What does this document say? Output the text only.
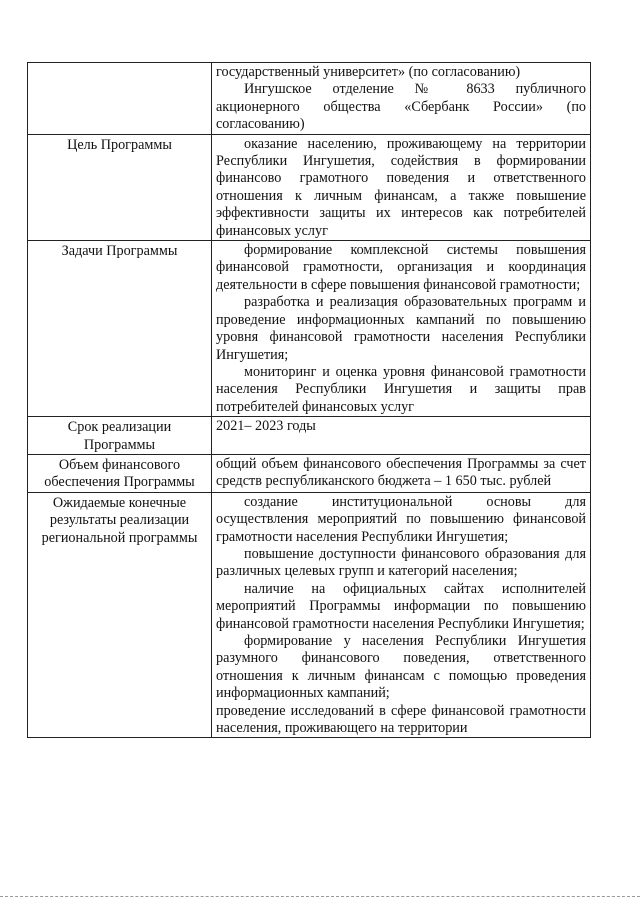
	государственный университет» (по согласованию)
Ингушское отделение № 8633 публичного акционерного общества «Сбербанк России» (по согласованию)

Цель Программы	оказание населению, проживающему на территории Республики Ингушетия, содействия в формировании финансово грамотного поведения и ответственного отношения к личным финансам, а также повышение эффективности защиты их интересов как потребителей финансовых услуг

Задачи Программы	формирование комплексной системы повышения финансовой грамотности, организация и координация деятельности в сфере повышения финансовой грамотности;
разработка и реализация образовательных программ и проведение информационных кампаний по повышению уровня финансовой грамотности населения Республики Ингушетия;
мониторинг и оценка уровня финансовой грамотности населения Республики Ингушетия и защиты прав потребителей финансовых услуг

Срок реализации Программы	2021– 2023 годы

Объем финансового обеспечения Программы	общий объем финансового обеспечения Программы за счет средств республиканского бюджета – 1 650 тыс. рублей

Ожидаемые конечные результаты реализации региональной программы	создание институциональной основы для осуществления мероприятий по повышению финансовой грамотности населения Республики Ингушетия;
повышение доступности финансового образования для различных целевых групп и категорий населения;
наличие на официальных сайтах исполнителей мероприятий Программы информации по повышению финансовой грамотности населения Республики Ингушетия;
формирование у населения Республики Ингушетия разумного финансового поведения, ответственного отношения к личным финансам с помощью проведения информационных кампаний;
проведение исследований в сфере финансовой грамотности населения, проживающего на территории
